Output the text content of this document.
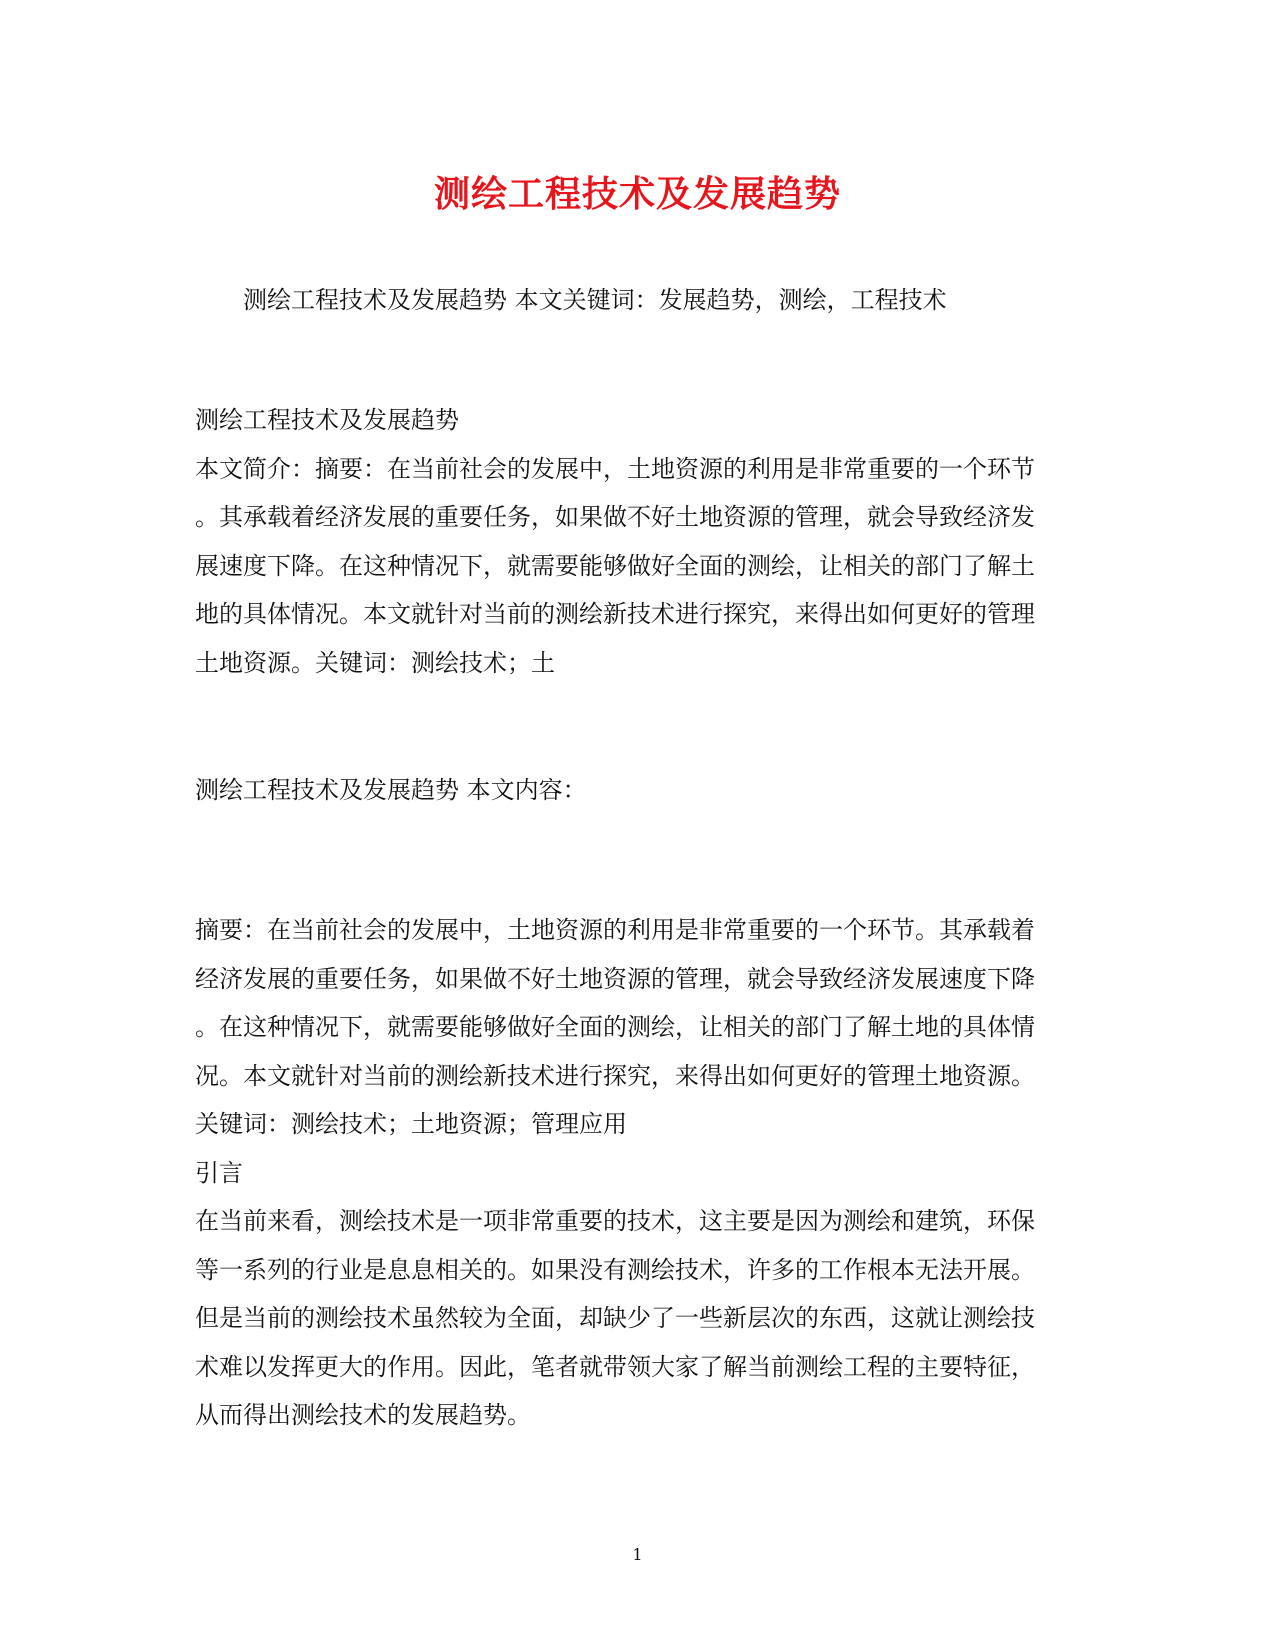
测绘工程技术及发展趋势
测绘工程技术及发展趋势 本文关键词：发展趋势，测绘，工程技术
测绘工程技术及发展趋势
本文简介：摘要：在当前社会的发展中，土地资源的利用是非常重要的一个环节
。其承载着经济发展的重要任务，如果做不好土地资源的管理，就会导致经济发
展速度下降。在这种情况下，就需要能够做好全面的测绘，让相关的部门了解土
地的具体情况。本文就针对当前的测绘新技术进行探究，来得出如何更好的管理
土地资源。关键词：测绘技术；土
测绘工程技术及发展趋势 本文内容：
摘要：在当前社会的发展中，土地资源的利用是非常重要的一个环节。其承载着
经济发展的重要任务，如果做不好土地资源的管理，就会导致经济发展速度下降
。在这种情况下，就需要能够做好全面的测绘，让相关的部门了解土地的具体情
况。本文就针对当前的测绘新技术进行探究，来得出如何更好的管理土地资源。
关键词：测绘技术；土地资源；管理应用
引言
在当前来看，测绘技术是一项非常重要的技术，这主要是因为测绘和建筑，环保
等一系列的行业是息息相关的。如果没有测绘技术，许多的工作根本无法开展。
但是当前的测绘技术虽然较为全面，却缺少了一些新层次的东西，这就让测绘技
术难以发挥更大的作用。因此，笔者就带领大家了解当前测绘工程的主要特征，
从而得出测绘技术的发展趋势。
1
